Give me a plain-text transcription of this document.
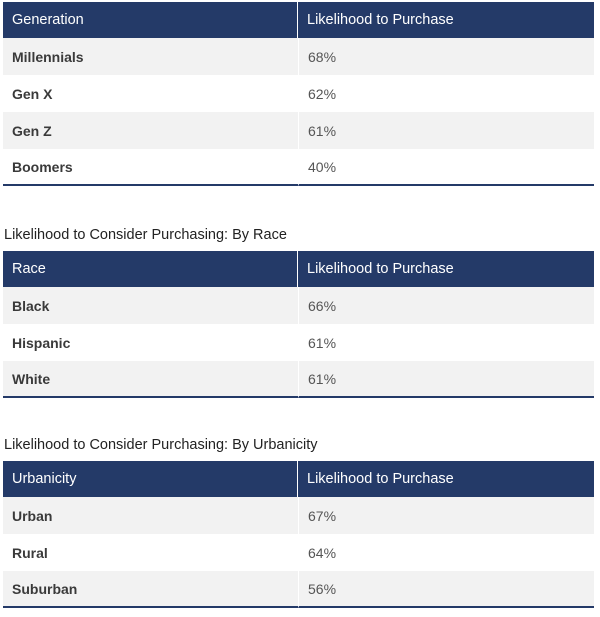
Generation	Likelihood to Purchase
Millennials	68%
Gen X	62%
Gen Z	61%
Boomers	40%
Likelihood to Consider Purchasing: By Race
Race	Likelihood to Purchase
Black	66%
Hispanic	61%
White	61%
Likelihood to Consider Purchasing: By Urbanicity
Urbanicity	Likelihood to Purchase
Urban	67%
Rural	64%
Suburban	56%
